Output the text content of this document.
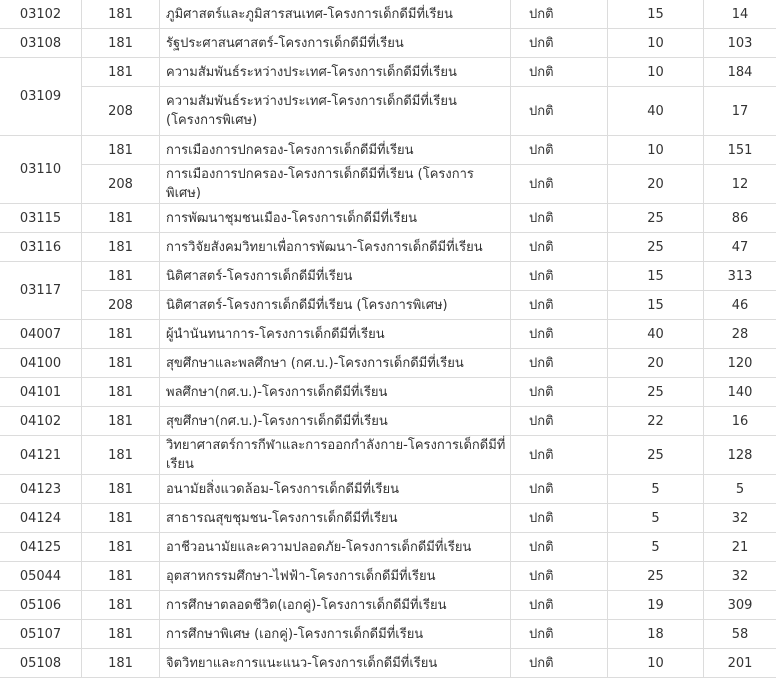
03102	181	ภูมิศาสตร์และภูมิสารสนเทศ-โครงการเด็กดีมีที่เรียน	ปกติ	15	14
03108	181	รัฐประศาสนศาสตร์-โครงการเด็กดีมีที่เรียน	ปกติ	10	103
03109	181	ความสัมพันธ์ระหว่างประเทศ-โครงการเด็กดีมีที่เรียน	ปกติ	10	184
	208	ความสัมพันธ์ระหว่างประเทศ-โครงการเด็กดีมีที่เรียน (โครงการพิเศษ)	ปกติ	40	17
03110	181	การเมืองการปกครอง-โครงการเด็กดีมีที่เรียน	ปกติ	10	151
	208	การเมืองการปกครอง-โครงการเด็กดีมีที่เรียน (โครงการพิเศษ)	ปกติ	20	12
03115	181	การพัฒนาชุมชนเมือง-โครงการเด็กดีมีที่เรียน	ปกติ	25	86
03116	181	การวิจัยสังคมวิทยาเพื่อการพัฒนา-โครงการเด็กดีมีที่เรียน	ปกติ	25	47
03117	181	นิติศาสตร์-โครงการเด็กดีมีที่เรียน	ปกติ	15	313
	208	นิติศาสตร์-โครงการเด็กดีมีที่เรียน (โครงการพิเศษ)	ปกติ	15	46
04007	181	ผู้นำนันทนาการ-โครงการเด็กดีมีที่เรียน	ปกติ	40	28
04100	181	สุขศึกษาและพลศึกษา (กศ.บ.)-โครงการเด็กดีมีที่เรียน	ปกติ	20	120
04101	181	พลศึกษา(กศ.บ.)-โครงการเด็กดีมีที่เรียน	ปกติ	25	140
04102	181	สุขศึกษา(กศ.บ.)-โครงการเด็กดีมีที่เรียน	ปกติ	22	16
04121	181	วิทยาศาสตร์การกีฬาและการออกกำลังกาย-โครงการเด็กดีมีที่เรียน	ปกติ	25	128
04123	181	อนามัยสิ่งแวดล้อม-โครงการเด็กดีมีที่เรียน	ปกติ	5	5
04124	181	สาธารณสุขชุมชน-โครงการเด็กดีมีที่เรียน	ปกติ	5	32
04125	181	อาชีวอนามัยและความปลอดภัย-โครงการเด็กดีมีที่เรียน	ปกติ	5	21
05044	181	อุตสาหกรรมศึกษา-ไฟฟ้า-โครงการเด็กดีมีที่เรียน	ปกติ	25	32
05106	181	การศึกษาตลอดชีวิต(เอกคู่)-โครงการเด็กดีมีที่เรียน	ปกติ	19	309
05107	181	การศึกษาพิเศษ (เอกคู่)-โครงการเด็กดีมีที่เรียน	ปกติ	18	58
05108	181	จิตวิทยาและการแนะแนว-โครงการเด็กดีมีที่เรียน	ปกติ	10	201
